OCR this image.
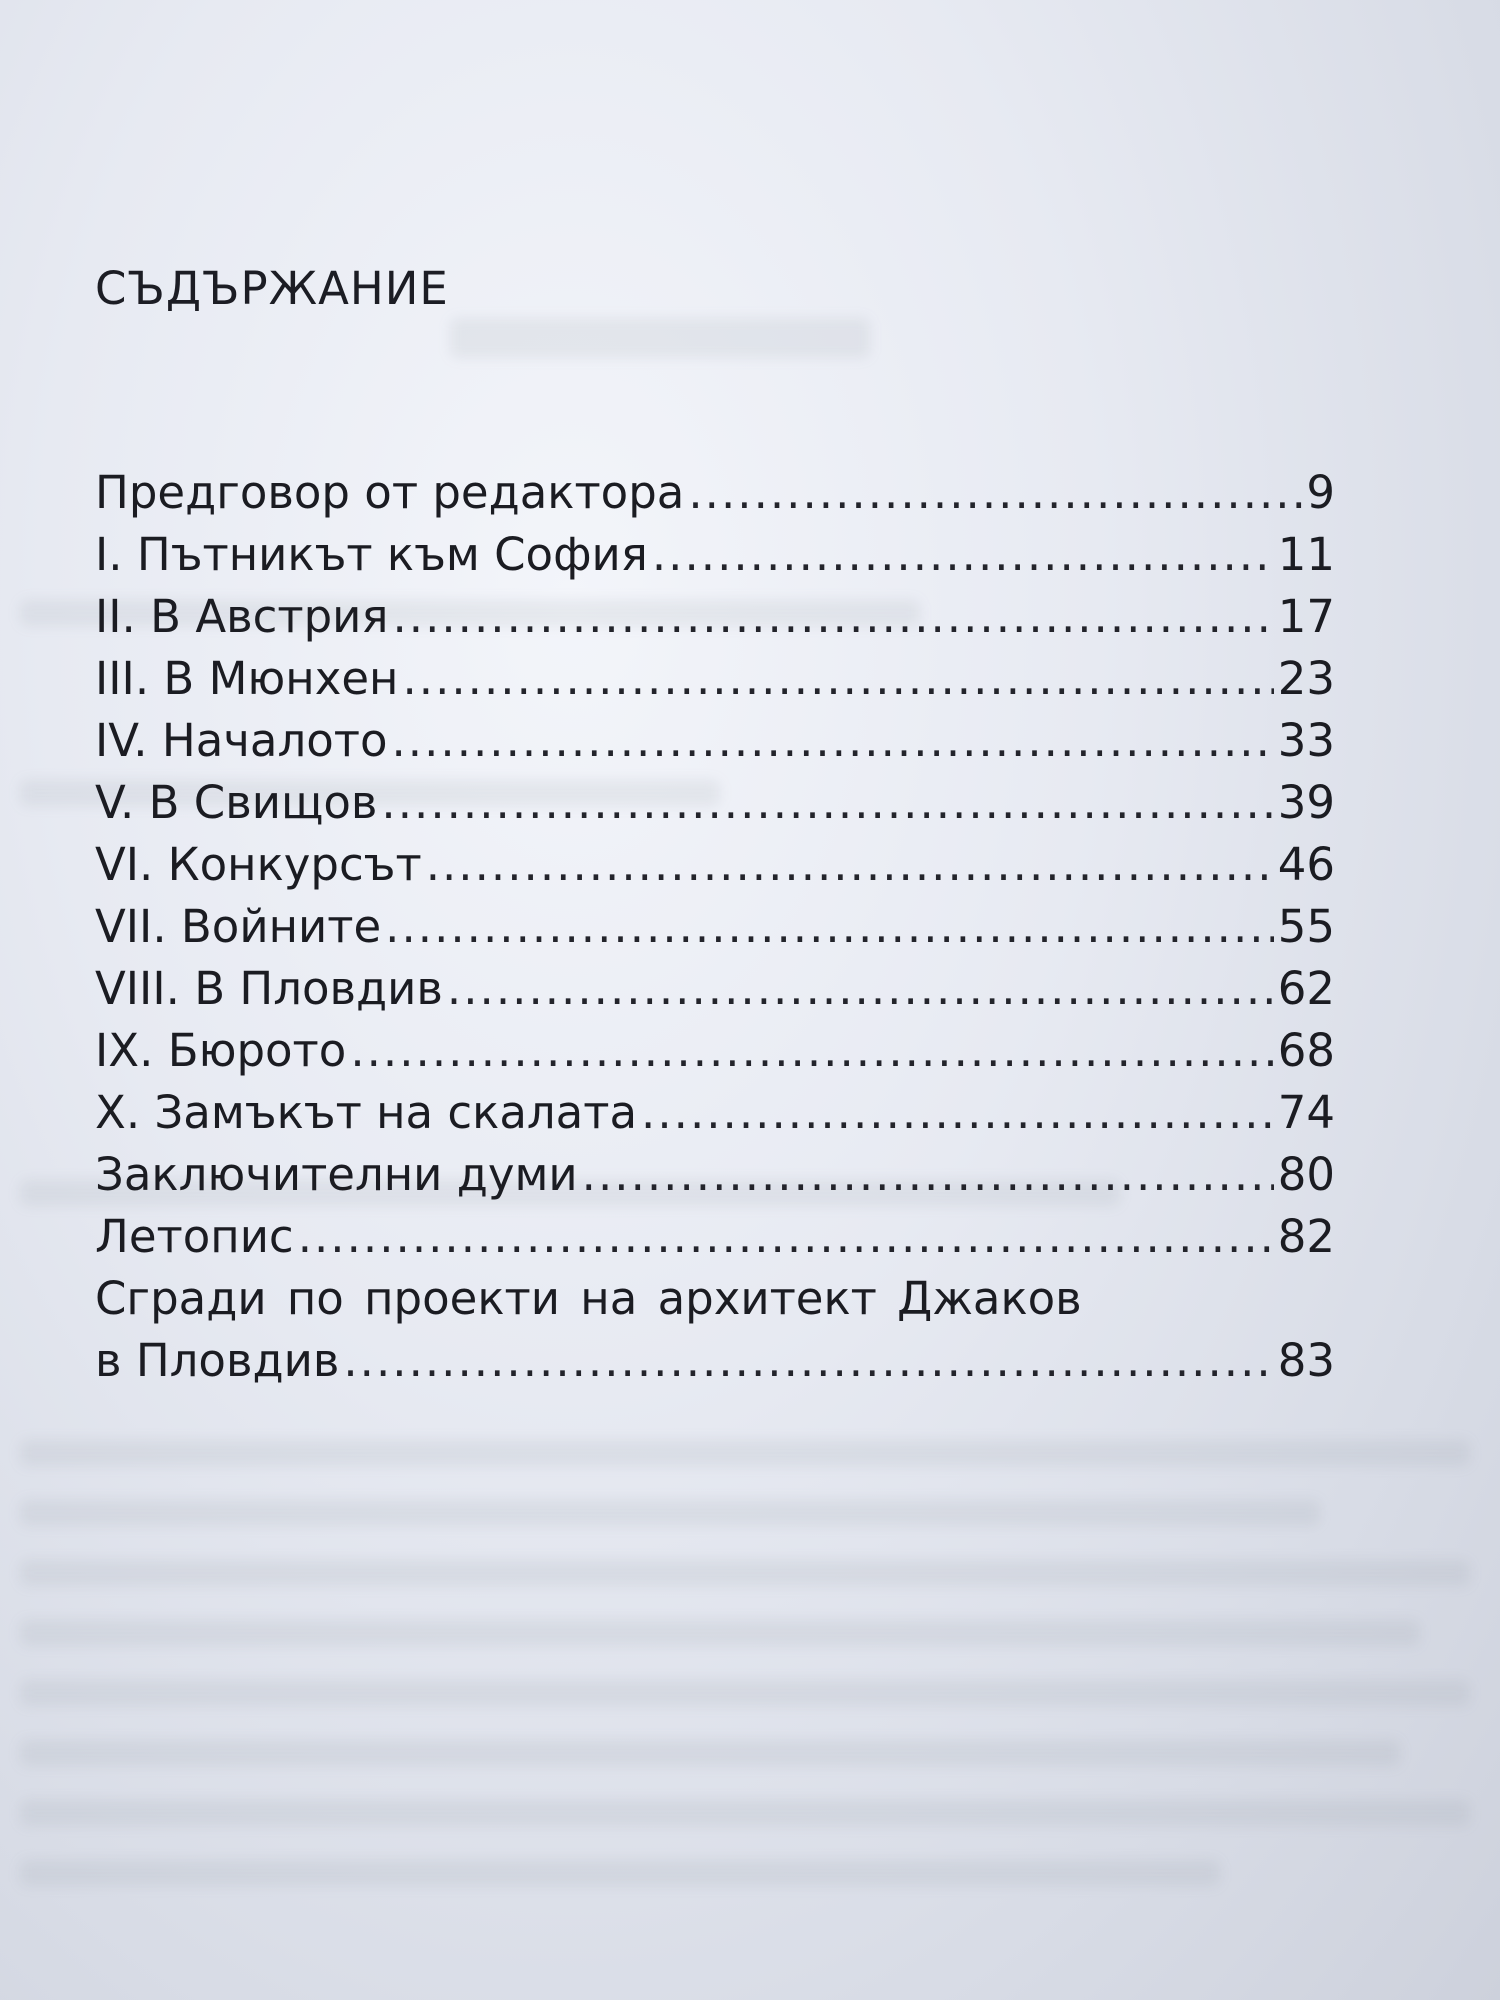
СЪДЪРЖАНИЕ
Предговор от редактора .....	9
I. Пътникът към София .....	11
II. В Австрия .....	17
III. В Мюнхен .....	23
IV. Началото .....	33
V. В Свищов .....	39
VI. Конкурсът .....	46
VII. Войните .....	55
VIII. В Пловдив .....	62
IX. Бюрото .....	68
X. Замъкът на скалата .....	74
Заключителни думи .....	80
Летопис .....	82
Сгради по проекти на архитект Джаков
в Пловдив .....	83
